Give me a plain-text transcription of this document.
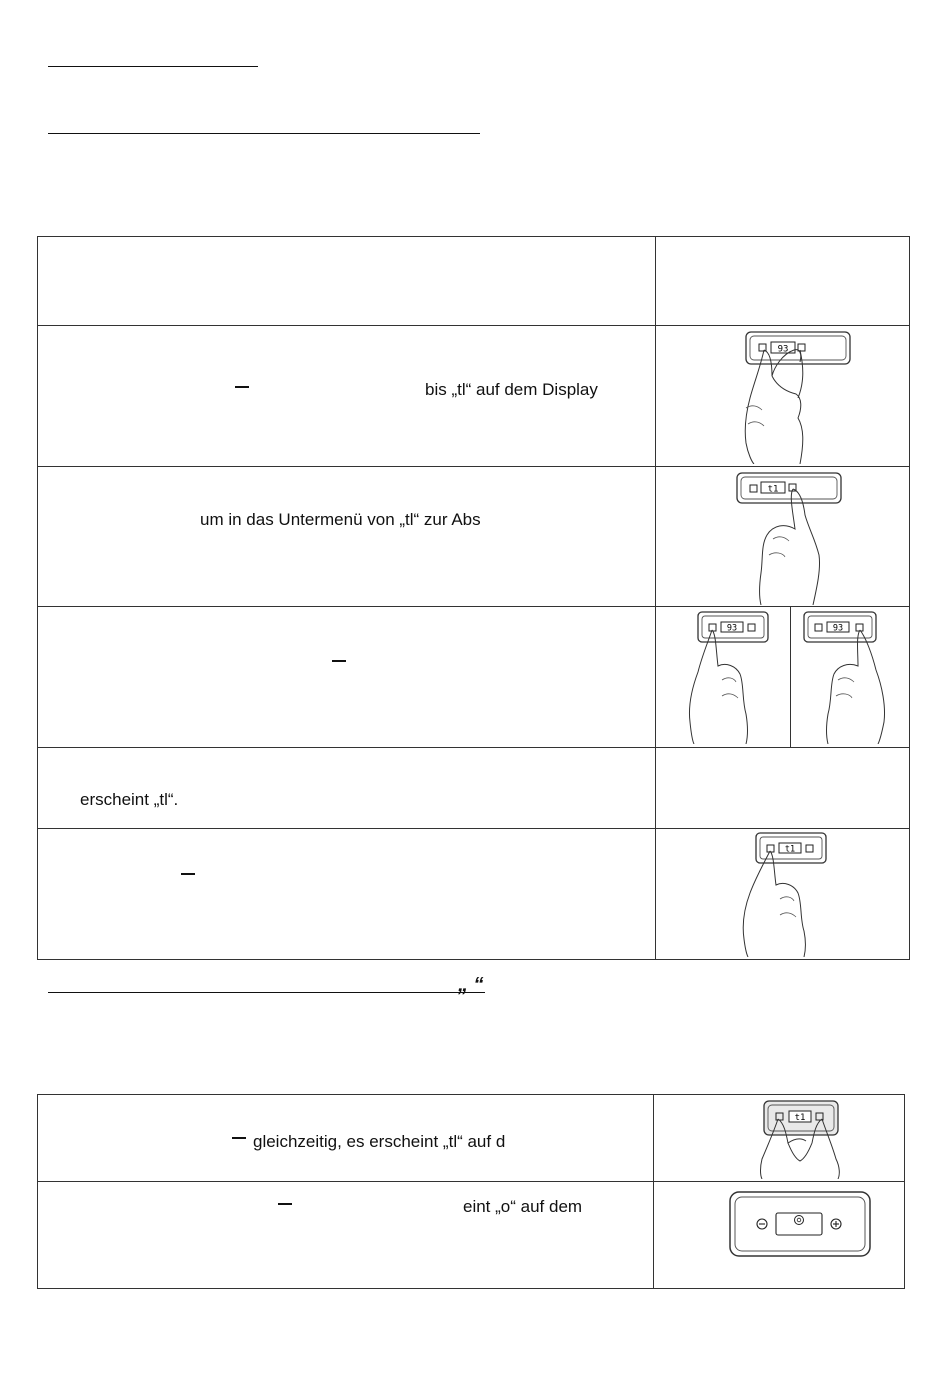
bis „tl“ auf dem Display
93
um in das Untermenü von „tl“ zur Abs
t1
93	93
erscheint „tl“.
t1
„ “
gleichzeitig, es erscheint „tl“ auf d
t1
eint „o“ auf dem
